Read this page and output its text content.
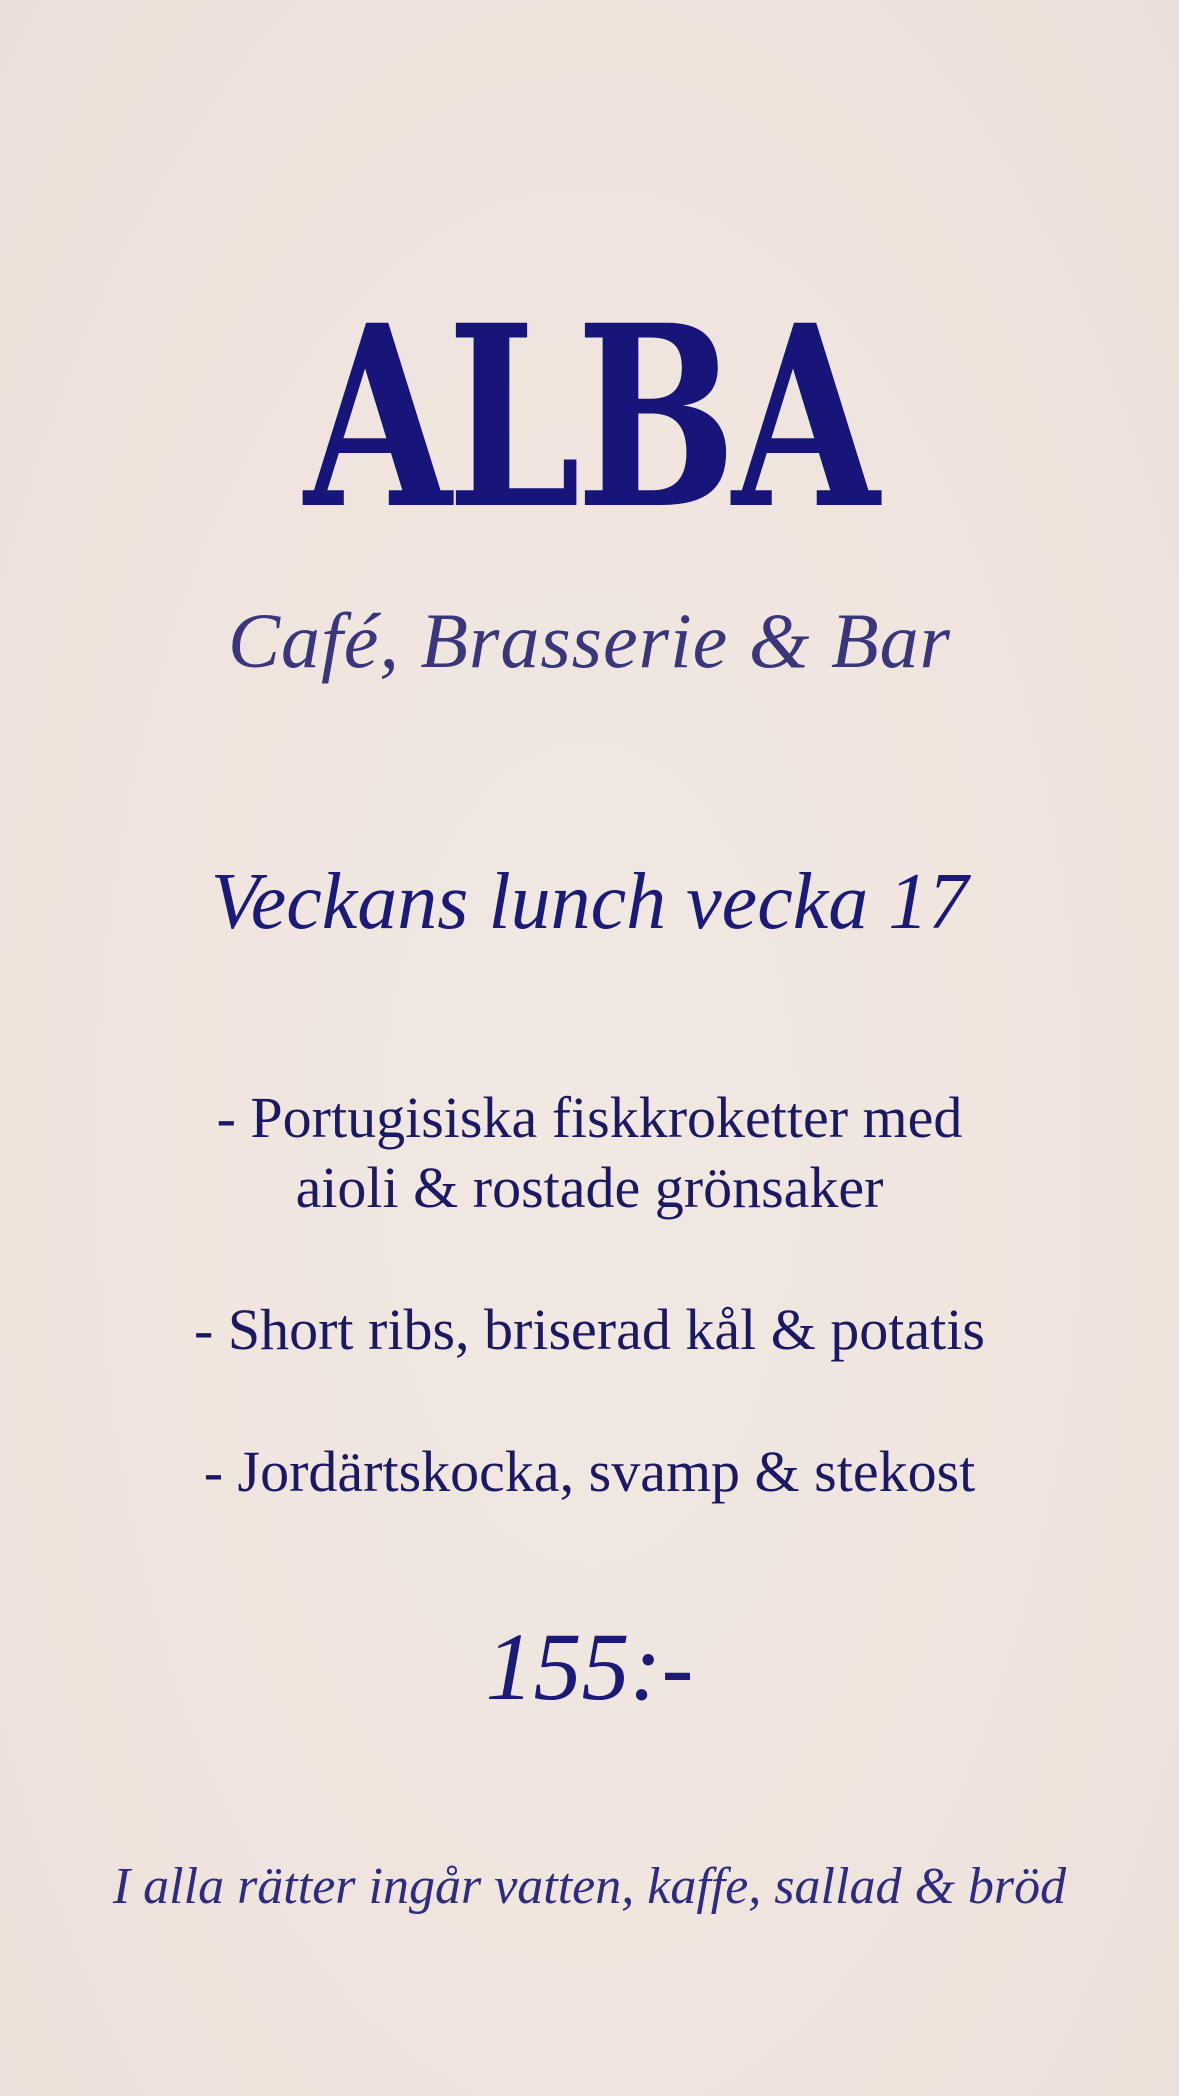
ALBA
Café, Brasserie & Bar
Veckans lunch vecka 17
- Portugisiska fiskkroketter med
aioli & rostade grönsaker
- Short ribs, briserad kål & potatis
- Jordärtskocka, svamp & stekost
155:-
I alla rätter ingår vatten, kaffe, sallad & bröd
